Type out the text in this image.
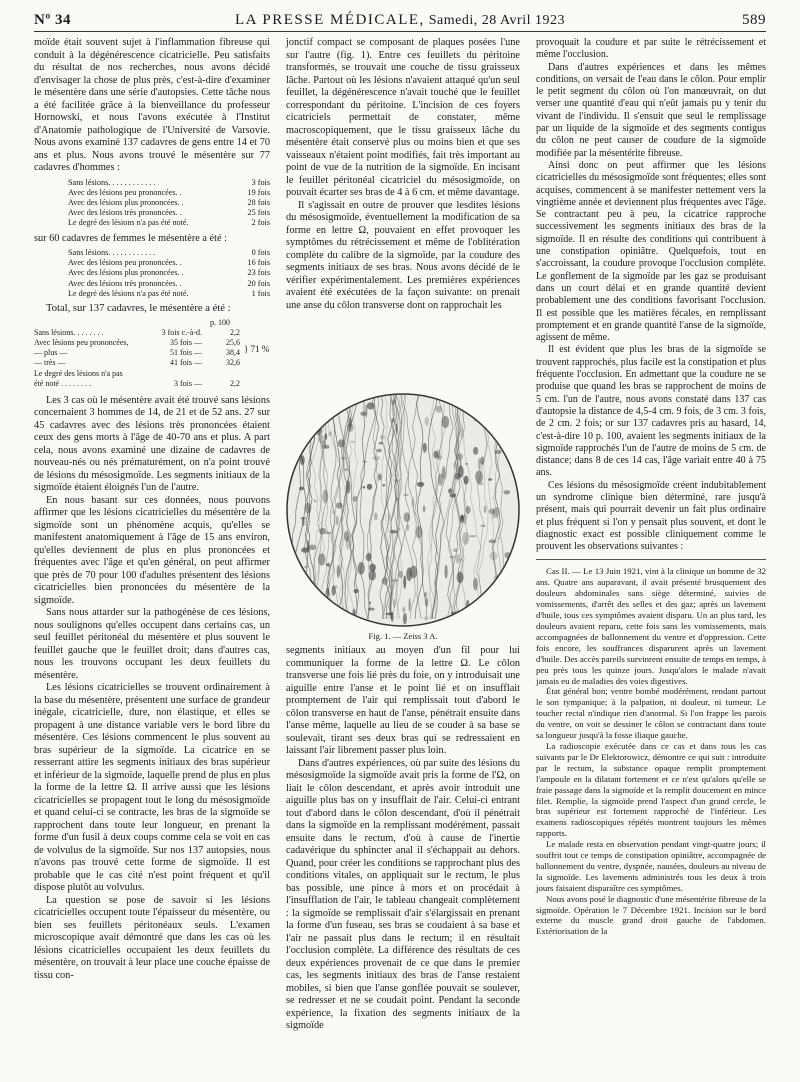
Nº 34	LA PRESSE MÉDICALE, Samedi, 28 Avril 1923	589

moïde était souvent sujet à l'inflammation fibreuse qui conduit à la dégénérescence cicatricielle. Peu satisfaits du résultat de nos recherches, nous avons décidé d'envisager la chose de plus près, c'est-à-dire d'examiner le mésentère dans une série d'autopsies. Cette tâche nous a été facilitée grâce à la bienveillance du professeur Hornowski, et nous l'avons exécutée à l'Institut d'Anatomie pathologique de l'Université de Varsovie. Nous avons examiné 137 cadavres de gens entre 14 et 70 ans et plus. Nous avons trouvé le mésentère sur 77 cadavres d'hommes :

Sans lésions. . . . . . . . . . . .	3 fois
Avec des lésions peu prononcées. .	19 fois
Avec des lésions plus prononcées. .	28 fois
Avec des lésions très prononcées. .	25 fois
Le degré des lésions n'a pas été noté.	2 fois

sur 60 cadavres de femmes le mésentère a été :

Sans lésions. . . . . . . . . . . .	0 fois
Avec des lésions peu prononcées. .	16 fois
Avec des lésions plus prononcées. .	23 fois
Avec des lésions très prononcées. .	20 fois
Le degré des lésions n'a pas été noté.	1 fois

Total, sur 137 cadavres, le mésentère a été :

p. 100
Sans lésions. . . . . . . .	3 fois c.-à-d.	2,2
Avec lésions peu prononcées,	35 fois —	25,6
— plus —	51 fois —	38,4
— très —	41 fois —	32,6
Le degré des lésions n'a pas
été noté . . . . . . . .	3 fois —	2,2
} 71 %

Les 3 cas où le mésentère avait été trouvé sans lésions concernaient 3 hommes de 14, de 21 et de 52 ans. 27 sur 45 cadavres avec des lésions très prononcées étaient ceux des gens morts à l'âge de 40-70 ans et plus. A part cela, nous avons examiné une dizaine de cadavres de nouveau-nés ou nés prématurément, on n'a point trouvé de lésions du mésosigmoïde. Les segments initiaux de la sigmoïde étaient éloignés l'un de l'autre.

En nous basant sur ces données, nous pouvons affirmer que les lésions cicatricielles du mésentère de la sigmoïde sont un phénomène acquis, qu'elles se manifestent anatomiquement à l'âge de 15 ans environ, qu'elles deviennent de plus en plus prononcées et fréquentes avec l'âge et qu'en général, on peut affirmer que près de 70 pour 100 d'adultes présentent des lésions cicatricielles bien prononcées du mésentère de la sigmoïde.

Sans nous attarder sur la pathogénèse de ces lésions, nous soulignons qu'elles occupent dans certains cas, un seul feuillet péritonéal du mésentère et plus souvent le feuillet gauche que le feuillet droit; dans d'autres cas, nous les trouvons occupant les deux feuillets du mésentère.

Les lésions cicatricielles se trouvent ordinairement à la base du mésentère, présentent une surface de grandeur inégale, cicatricielle, dure, non élastique, et elles se propagent à une distance variable vers le bord libre du mésentère. Ces lésions commencent le plus souvent au bras supérieur de la sigmoïde. La cicatrice en se resserrant attire les segments initiaux des bras supérieur et inférieur de la sigmoïde, laquelle prend de plus en plus la forme de la lettre Ω. Il arrive aussi que les lésions cicatricielles se propagent tout le long du mésosigmoïde et quand celui-ci se contracte, les bras de la sigmoïde se rapprochent dans toute leur longueur, en prenant la forme d'un fusil à deux coups comme cela se voit en cas de volvulus de la sigmoïde. Sur nos 137 autopsies, nous n'avons pas trouvé cette forme de sigmoïde. Il est probable que le cas cité n'est point fréquent et qu'il dispose plutôt au volvulus.

La question se pose de savoir si les lésions cicatricielles occupent toute l'épaisseur du mésentère, ou bien ses feuillets péritonéaux seuls. L'examen microscopique avait démontré que dans les cas où les lésions cicatricielles occupaient les deux feuillets du mésentère, on trouvait à leur place une couche épaisse de tissu con-

jonctif compact se composant de plaques posées l'une sur l'autre (fig. 1). Entre ces feuillets du péritoine transformés, se trouvait une couche de tissu graisseux lâche. Partout où les lésions n'avaient attaqué qu'un seul feuillet, la dégénérescence n'avait touché que le feuillet correspondant du péritoine. L'incision de ces foyers cicatriciels permettait de constater, même macroscopiquement, que le tissu graisseux lâche du mésentère était conservé plus ou moins bien et que ses vaisseaux n'étaient point modifiés, fait très important au point de vue de la nutrition de la sigmoïde. En incisant le feuillet péritonéal cicatriciel du mésosigmoïde, on pouvait écarter ses bras de 4 à 6 cm. et même davantage.

Il s'agissait en outre de prouver que lesdites lésions du mésosigmoïde, éventuellement la modification de sa forme en lettre Ω, pouvaient en effet provoquer les symptômes du rétrécissement et même de l'oblitération complète du calibre de la sigmoïde, par la coudure des segments initiaux de ses bras. Nous avons décidé de le vérifier expérimentalement. Les premières expériences avaient été exécutées de la façon suivante: on prenait une anse du côlon transverse dont on rapprochait les

Fig. 1. — Zeiss 3 A.

segments initiaux au moyen d'un fil pour lui communiquer la forme de la lettre Ω. Le côlon transverse une fois lié près du foie, on y introduisait une aiguille entre l'anse et le point lié et on insufflait promptement de l'air qui remplissait tout d'abord le côlon transverse en haut de l'anse, pénétrait ensuite dans l'anse même, laquelle au lieu de se couder à sa base se soulevait, tirant ses deux bras qui se redressaient en laissant l'air librement passer plus loin.

Dans d'autres expériences, où par suite des lésions du mésosigmoïde la sigmoïde avait pris la forme de l'Ω, on liait le côlon descendant, et après avoir introduit une aiguille plus bas on y insufflait de l'air. Celui-ci entrant tout d'abord dans le côlon descendant, d'où il pénétrait dans la sigmoïde en la remplissant modérément, passait ensuite dans le rectum, d'où à cause de l'inertie cadavérique du sphincter anal il s'échappait au dehors. Quand, pour créer les conditions se rapprochant plus des conditions vitales, on appliquait sur le rectum, le plus bas possible, une pince à mors et on procédait à l'insufflation de l'air, le tableau changeait complètement : la sigmoïde se remplissait d'air s'élargissait en prenant la forme d'un fuseau, ses bras se coudaient à sa base et l'air ne passait plus dans le rectum; il en résultait l'occlusion complète. La différence des résultats de ces deux expériences provenait de ce que dans le premier cas, les segments initiaux des bras de l'anse restaient mobiles, si bien que l'anse gonflée pouvait se soulever, se redresser et ne se coudait point. Pendant la seconde expérience, la fixation des segments initiaux de la sigmoïde

provoquait la coudure et par suite le rétrécissement et même l'occlusion.

Dans d'autres expériences et dans les mêmes conditions, on versait de l'eau dans le côlon. Pour emplir le petit segment du côlon où l'on manœuvrait, on dut verser une quantité d'eau qui n'eût jamais pu y tenir du vivant de l'individu. Il s'ensuit que seul le remplissage par un liquide de la sigmoïde et des segments contigus du côlon ne peut causer de coudure de la sigmoïde modifiée par la mésentérite fibreuse.

Ainsi donc on peut affirmer que les lésions cicatricielles du mésosigmoïde sont fréquentes; elles sont acquises, commencent à se manifester nettement vers la vingtième année et deviennent plus fréquentes avec l'âge. Se contractant peu à peu, la cicatrice rapproche successivement les segments initiaux des bras de la sigmoïde. Il en résulte des conditions qui contribuent à une constipation opiniâtre. Quelquefois, tout en s'accroissant, la coudure provoque l'occlusion complète. Le gonflement de la sigmoïde par les gaz se produisant dans un court délai et en grande quantité devient probablement une des conditions favorisant l'occlusion. Il est possible que les matières fécales, en remplissant promptement et en grande quantité l'anse de la sigmoïde, agissent de même.

Il est évident que plus les bras de la sigmoïde se trouvent rapprochés, plus facile est la constipation et plus fréquente l'occlusion. En admettant que la coudure ne se produise que quand les bras se rapprochent de moins de 5 cm. l'un de l'autre, nous avons constaté dans 137 cas d'autopsie la distance de 4,5-4 cm. 9 fois, de 3 cm. 3 fois, de 2 cm. 2 fois; or sur 137 cadavres pris au hasard, 14, c'est-à-dire 10 p. 100, avaient les segments initiaux de la sigmoïde rapprochés l'un de l'autre de moins de 5 cm. de distance; dans 8 de ces 14 cas, l'âge variait entre 40 à 75 ans.

Ces lésions du mésosigmoïde créent indubitablement un syndrome clinique bien déterminé, rare jusqu'à présent, mais qui pourrait devenir un fait plus ordinaire et plus fréquent si l'on y pensait plus souvent, et dont le diagnostic exact est possible cliniquement comme le prouvent les observations suivantes :

Cas II. — Le 13 Juin 1921, vint à la clinique un homme de 32 ans. Quatre ans auparavant, il avait présenté brusquement des douleurs abdominales sans siège déterminé, suivies de vomissements, d'arrêt des selles et des gaz; après un lavement d'huile, tous ces symptômes avaient disparu. Un an plus tard, les douleurs avaient reparu, cette fois sans les vomissements, mais accompagnées de ballonnement du ventre et d'oppression. Cette fois encore, les souffrances disparurent après un lavement d'huile. Des accès pareils survinrent ensuite de temps en temps, à peu près tous les quinze jours. Jusqu'alors le malade n'avait jamais eu de maladies des voies digestives.

État général bon; ventre bombé modérément, rendant partout le son tympanique; à la palpation, ni douleur, ni tumeur. Le toucher rectal n'indique rien d'anormal. Si l'on frappe les parois du ventre, on voit se dessiner le côlon se contractant dans toute sa longueur jusqu'à la fosse iliaque gauche.

La radioscopie exécutée dans ce cas et dans tous les cas suivants par le Dr Elektorowicz, démontre ce qui suit : introduite par le rectum, la substance opaque remplit promptement l'ampoule en la dilatant fortement et ce n'est qu'alors qu'elle se fraie passage dans la sigmoïde et la remplit doucement en mince filet. Remplie, la sigmoïde prend l'aspect d'un grand cercle, le bras supérieur est fortement rapproché de l'inférieur. Les examens radioscopiques répétés montrent toujours les mêmes rapports.

Le malade resta en observation pendant vingt-quatre jours; il souffrit tout ce temps de constipation opiniâtre, accompagnée de ballonnement du ventre, dyspnée, nausées, douleurs au niveau de la sigmoïde. Les lavements administrés tous les deux à trois jours faisaient disparaître ces symptômes.

Nous avons posé le diagnostic d'une mésentérite fibreuse de la sigmoïde. Opération le 7 Décembre 1921. Incision sur le bord externe du muscle grand droit gauche de l'abdomen. Extériorisation de la
